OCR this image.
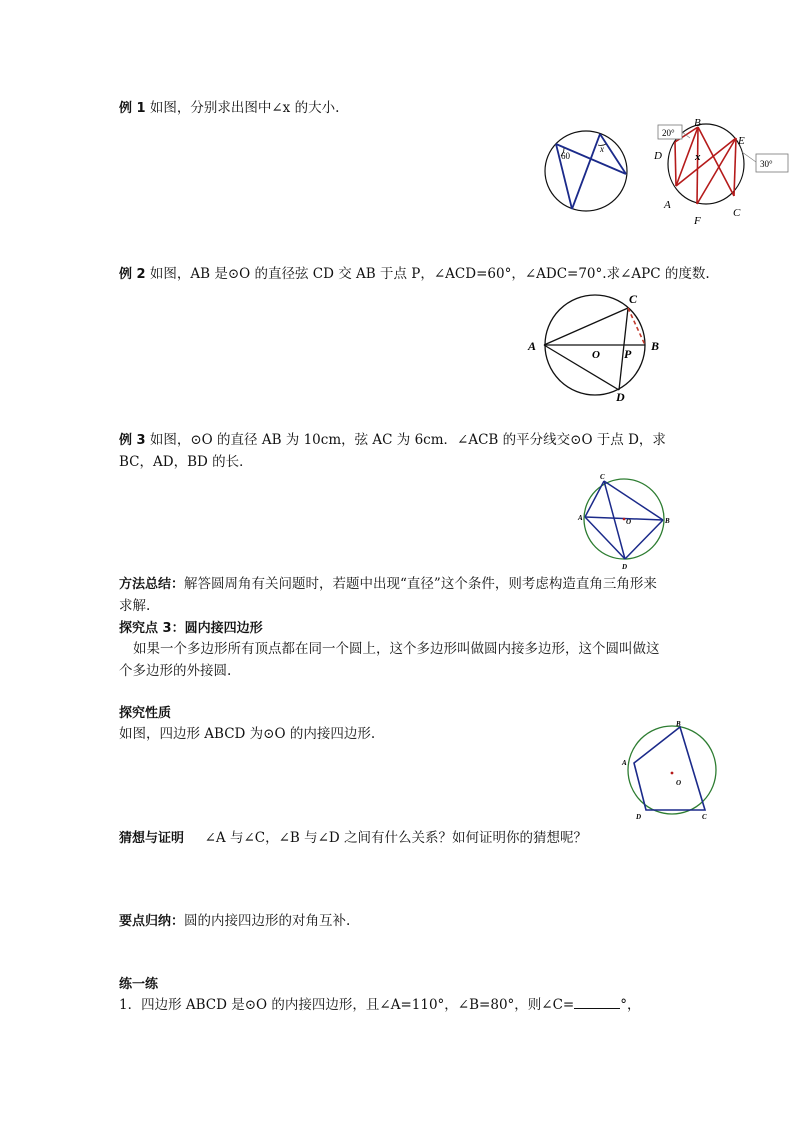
例 1 如图，分别求出图中∠x 的大小.
60
x
20°
30°
x
B
E
D
A
F
C
例 2 如图，AB 是⊙O 的直径弦 CD 交 AB 于点 P，∠ACD=60°，∠ADC=70°.求∠APC 的度数.
A	B
C
D
O P
例 3 如图，⊙O 的直径 AB 为 10cm，弦 AC 为 6cm．∠ACB 的平分线交⊙O 于点 D，求
BC，AD，BD 的长．
A	B
C
D
O
方法总结：解答圆周角有关问题时，若题中出现“直径”这个条件，则考虑构造直角三角形来
求解.
探究点 3：圆内接四边形
如果一个多边形所有顶点都在同一个圆上，这个多边形叫做圆内接多边形，这个圆叫做这
个多边形的外接圆.
探究性质
如图，四边形 ABCD 为⊙O 的内接四边形.
B
A
D	C
O
猜想与证明 ∠A 与∠C，∠B 与∠D 之间有什么关系？如何证明你的猜想呢？
要点归纳：圆的内接四边形的对角互补.
练一练
1．四边形 ABCD 是⊙O 的内接四边形，且∠A=110°，∠B=80°，则∠C=	°，
